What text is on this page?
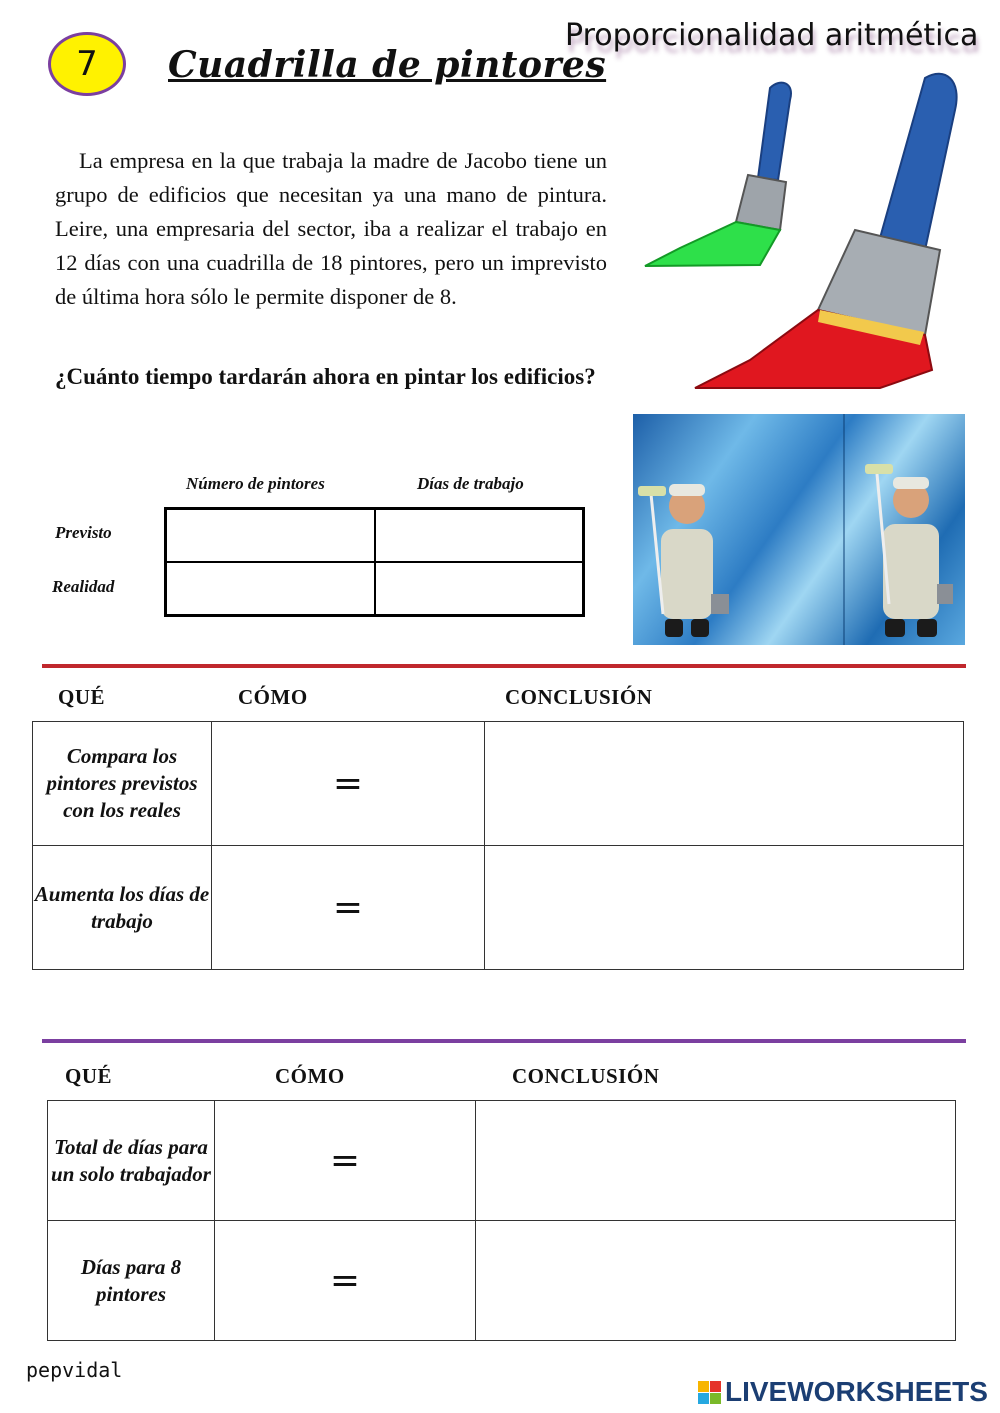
7 Cuadrilla de pintores
Proporcionalidad aritmética
La empresa en la que trabaja la madre de Jacobo tiene un grupo de edificios que necesitan ya una mano de pintura. Leire, una empresaria del sector, iba a realizar el trabajo en 12 días con una cuadrilla de 18 pintores, pero un imprevisto de última hora sólo le permite disponer de 8.
¿Cuánto tiempo tardarán ahora en pintar los edificios?
Número de pintores	Días de trabajo
Previsto
Realidad
QUÉ	CÓMO	CONCLUSIÓN
Compara los pintores previstos con los reales	=	
Aumenta los días de trabajo	=	
QUÉ	CÓMO	CONCLUSIÓN
Total de días para un solo trabajador	=	
Días para 8 pintores	=	
pepvidal
LIVEWORKSHEETS
